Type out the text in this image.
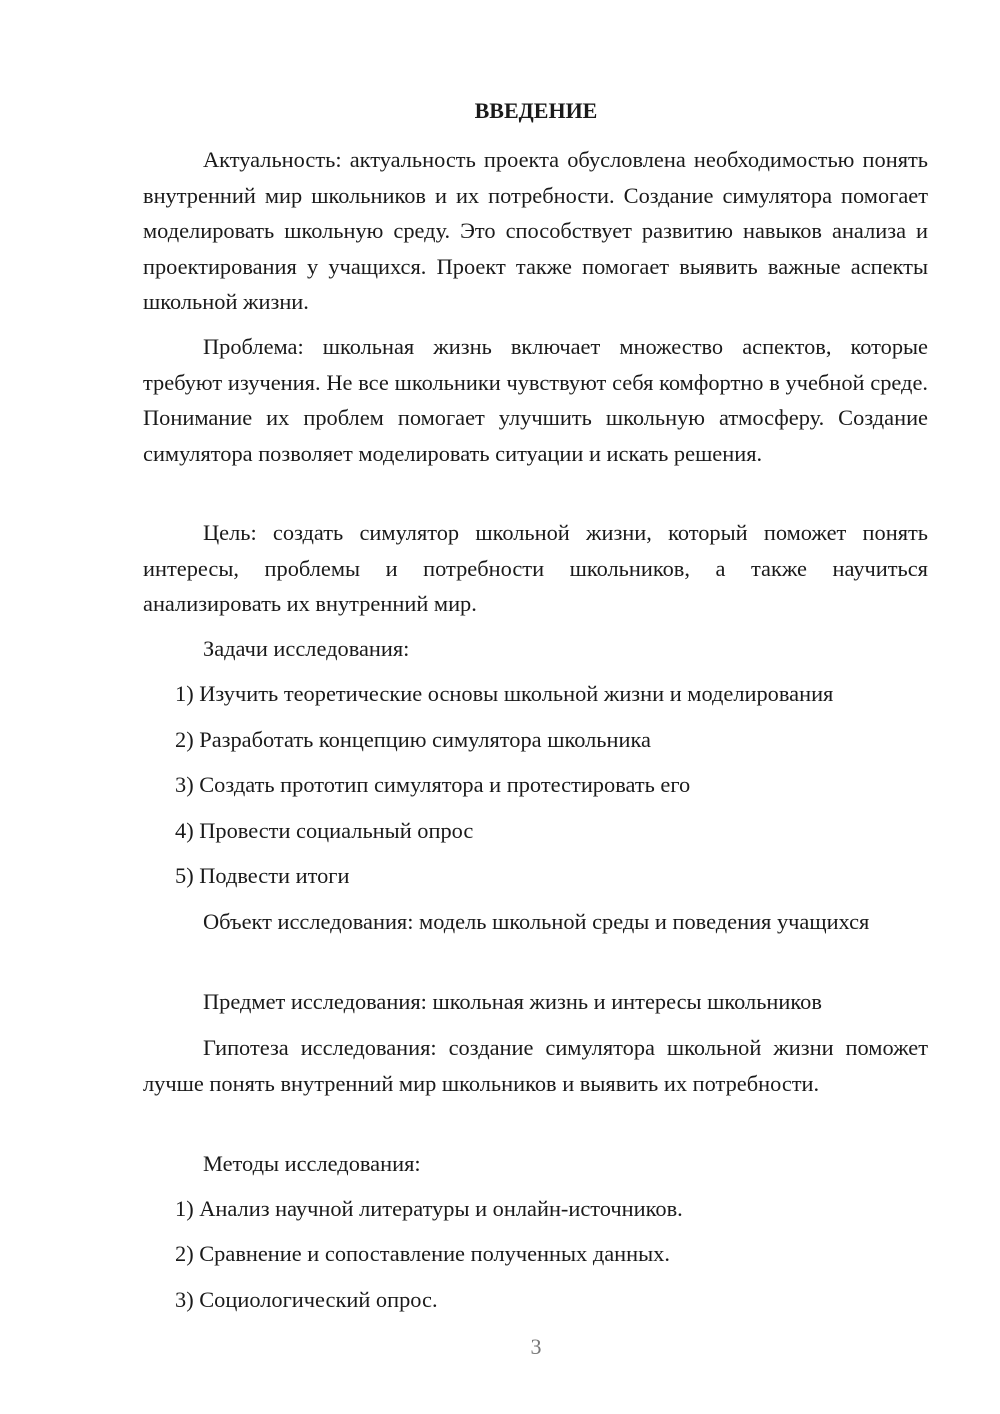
ВВЕДЕНИЕ

Актуальность: актуальность проекта обусловлена необходимостью понять внутренний мир школьников и их потребности. Создание симулятора помогает моделировать школьную среду. Это способствует развитию навыков анализа и проектирования у учащихся. Проект также помогает выявить важные аспекты школьной жизни.

Проблема: школьная жизнь включает множество аспектов, которые требуют изучения. Не все школьники чувствуют себя комфортно в учебной среде. Понимание их проблем помогает улучшить школьную атмосферу. Создание симулятора позволяет моделировать ситуации и искать решения.

Цель: создать симулятор школьной жизни, который поможет понять интересы, проблемы и потребности школьников, а также научиться анализировать их внутренний мир.

Задачи исследования:

1) Изучить теоретические основы школьной жизни и моделирования

2) Разработать концепцию симулятора школьника

3) Создать прототип симулятора и протестировать его

4) Провести социальный опрос

5) Подвести итоги

Объект исследования: модель школьной среды и поведения учащихся

Предмет исследования: школьная жизнь и интересы школьников

Гипотеза исследования: создание симулятора школьной жизни поможет лучше понять внутренний мир школьников и выявить их потребности.

Методы исследования:

1) Анализ научной литературы и онлайн-источников.

2) Сравнение и сопоставление полученных данных.

3) Социологический опрос.

3
